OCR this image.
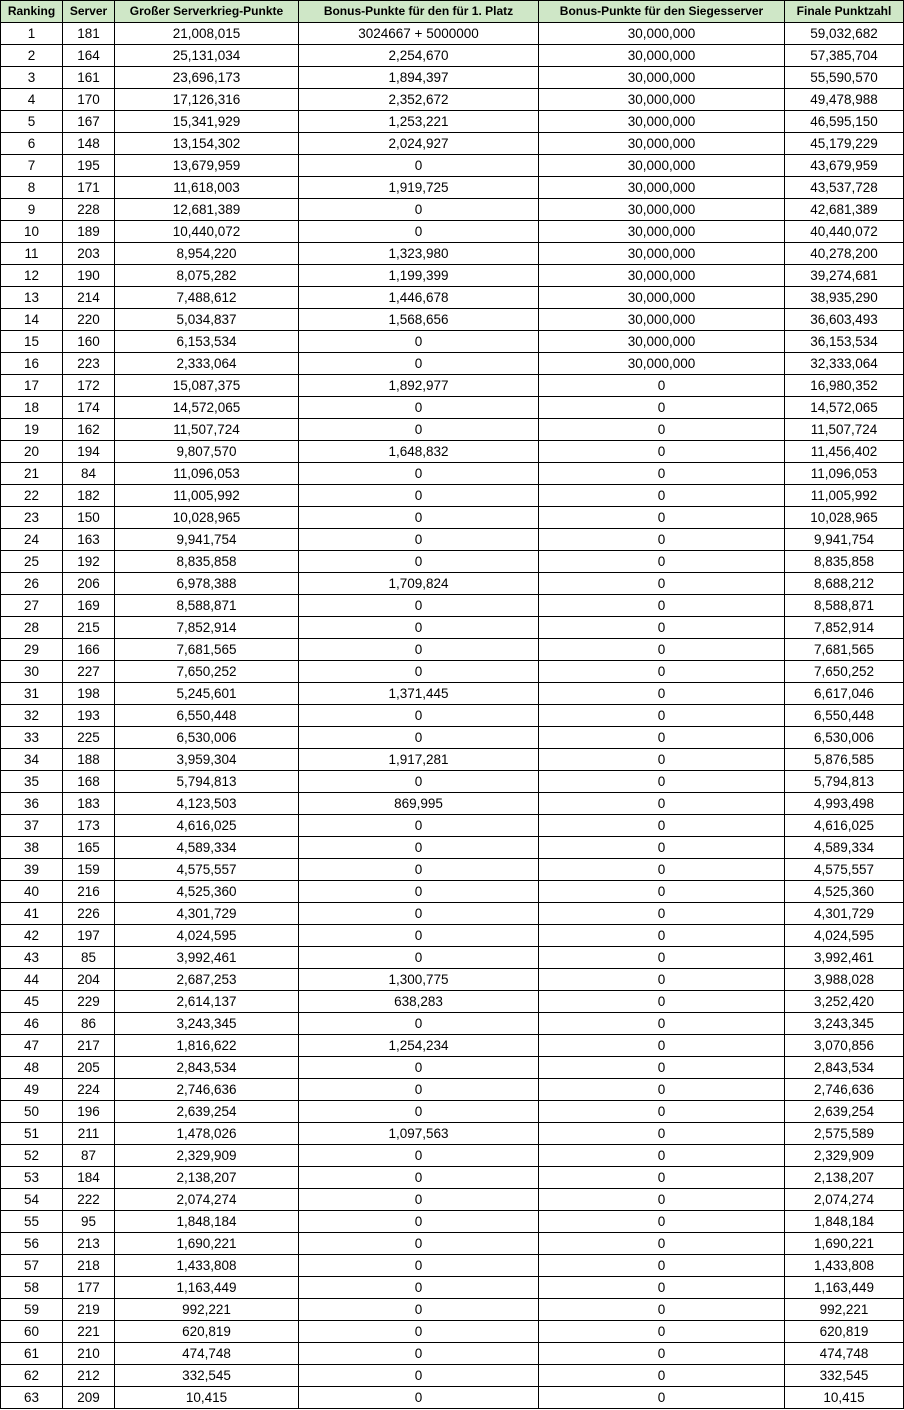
Ranking	Server	Großer Serverkrieg-Punkte	Bonus-Punkte für den für 1. Platz	Bonus-Punkte für den Siegesserver	Finale Punktzahl
1	181	21,008,015	3024667 + 5000000	30,000,000	59,032,682
2	164	25,131,034	2,254,670	30,000,000	57,385,704
3	161	23,696,173	1,894,397	30,000,000	55,590,570
4	170	17,126,316	2,352,672	30,000,000	49,478,988
5	167	15,341,929	1,253,221	30,000,000	46,595,150
6	148	13,154,302	2,024,927	30,000,000	45,179,229
7	195	13,679,959	0	30,000,000	43,679,959
8	171	11,618,003	1,919,725	30,000,000	43,537,728
9	228	12,681,389	0	30,000,000	42,681,389
10	189	10,440,072	0	30,000,000	40,440,072
11	203	8,954,220	1,323,980	30,000,000	40,278,200
12	190	8,075,282	1,199,399	30,000,000	39,274,681
13	214	7,488,612	1,446,678	30,000,000	38,935,290
14	220	5,034,837	1,568,656	30,000,000	36,603,493
15	160	6,153,534	0	30,000,000	36,153,534
16	223	2,333,064	0	30,000,000	32,333,064
17	172	15,087,375	1,892,977	0	16,980,352
18	174	14,572,065	0	0	14,572,065
19	162	11,507,724	0	0	11,507,724
20	194	9,807,570	1,648,832	0	11,456,402
21	84	11,096,053	0	0	11,096,053
22	182	11,005,992	0	0	11,005,992
23	150	10,028,965	0	0	10,028,965
24	163	9,941,754	0	0	9,941,754
25	192	8,835,858	0	0	8,835,858
26	206	6,978,388	1,709,824	0	8,688,212
27	169	8,588,871	0	0	8,588,871
28	215	7,852,914	0	0	7,852,914
29	166	7,681,565	0	0	7,681,565
30	227	7,650,252	0	0	7,650,252
31	198	5,245,601	1,371,445	0	6,617,046
32	193	6,550,448	0	0	6,550,448
33	225	6,530,006	0	0	6,530,006
34	188	3,959,304	1,917,281	0	5,876,585
35	168	5,794,813	0	0	5,794,813
36	183	4,123,503	869,995	0	4,993,498
37	173	4,616,025	0	0	4,616,025
38	165	4,589,334	0	0	4,589,334
39	159	4,575,557	0	0	4,575,557
40	216	4,525,360	0	0	4,525,360
41	226	4,301,729	0	0	4,301,729
42	197	4,024,595	0	0	4,024,595
43	85	3,992,461	0	0	3,992,461
44	204	2,687,253	1,300,775	0	3,988,028
45	229	2,614,137	638,283	0	3,252,420
46	86	3,243,345	0	0	3,243,345
47	217	1,816,622	1,254,234	0	3,070,856
48	205	2,843,534	0	0	2,843,534
49	224	2,746,636	0	0	2,746,636
50	196	2,639,254	0	0	2,639,254
51	211	1,478,026	1,097,563	0	2,575,589
52	87	2,329,909	0	0	2,329,909
53	184	2,138,207	0	0	2,138,207
54	222	2,074,274	0	0	2,074,274
55	95	1,848,184	0	0	1,848,184
56	213	1,690,221	0	0	1,690,221
57	218	1,433,808	0	0	1,433,808
58	177	1,163,449	0	0	1,163,449
59	219	992,221	0	0	992,221
60	221	620,819	0	0	620,819
61	210	474,748	0	0	474,748
62	212	332,545	0	0	332,545
63	209	10,415	0	0	10,415
